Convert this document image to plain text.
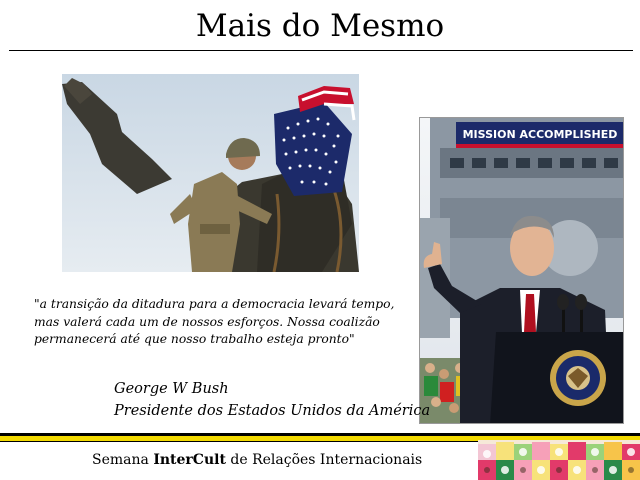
Mais do Mesmo
MISSION ACCOMPLISHED
"a transição da ditadura para a democracia levará tempo, mas valerá cada um de nossos esforços. Nossa coalizão permanecerá até que nosso trabalho esteja pronto"
George W Bush
Presidente dos Estados Unidos da América
Semana InterCult de Relações Internacionais
